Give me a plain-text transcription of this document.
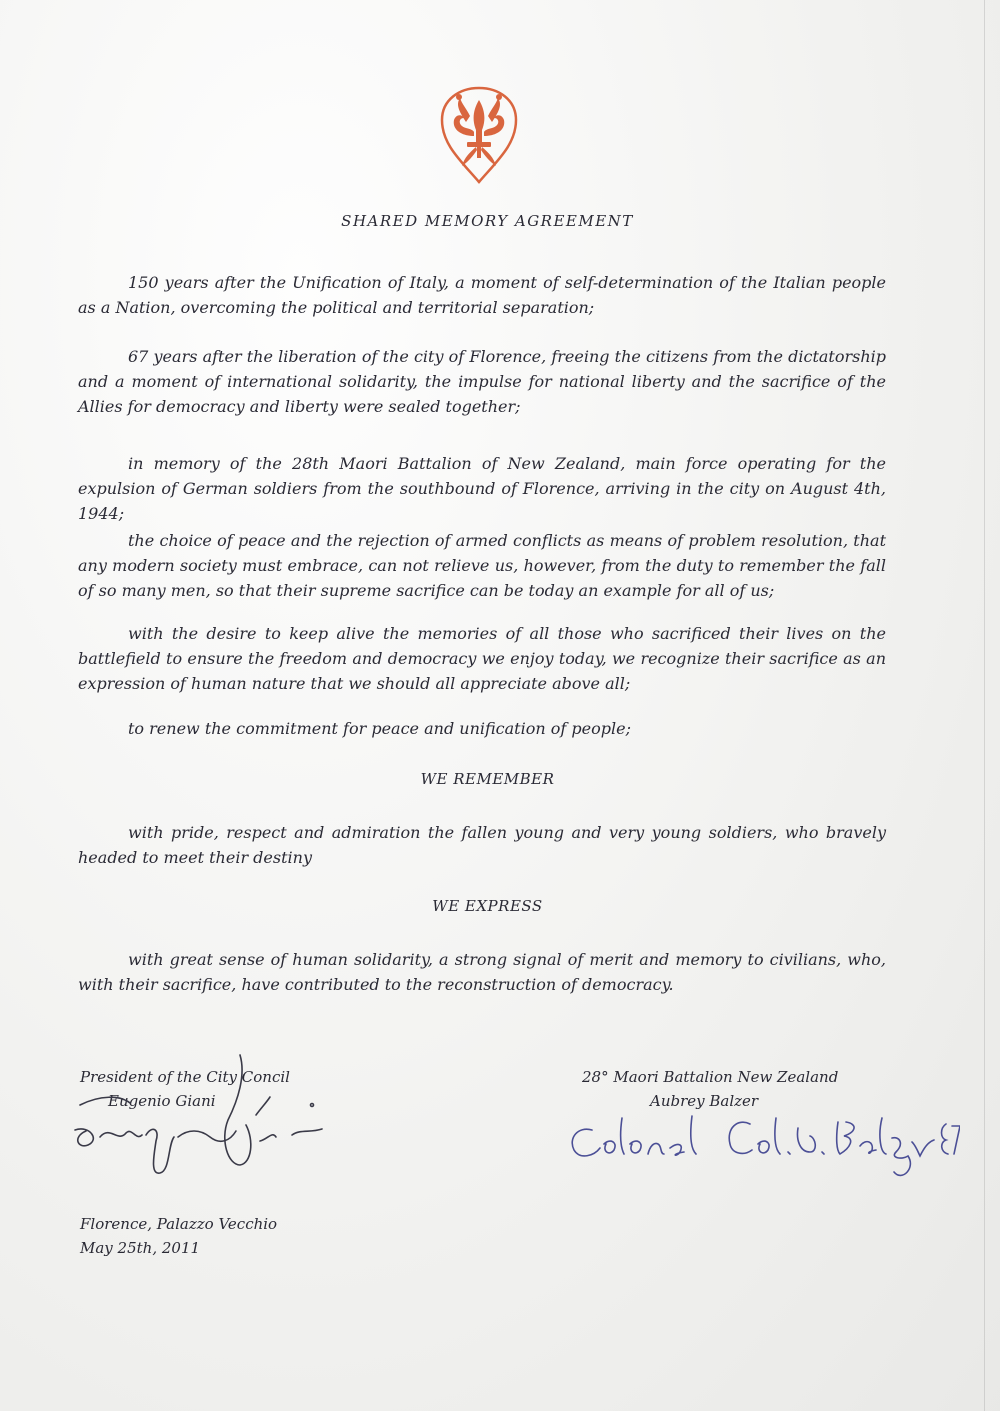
SHARED MEMORY AGREEMENT

150 years after the Unification of Italy, a moment of self-determination of the Italian people as a Nation, overcoming the political and territorial separation;

67 years after the liberation of the city of Florence, freeing the citizens from the dictatorship and a moment of international solidarity, the impulse for national liberty and the sacrifice of the Allies for democracy and liberty were sealed together;

in memory of the 28th Maori Battalion of New Zealand, main force operating for the expulsion of German soldiers from the southbound of Florence, arriving in the city on August 4th, 1944;

the choice of peace and the rejection of armed conflicts as means of problem resolution, that any modern society must embrace, can not relieve us, however, from the duty to remember the fall of so many men, so that their supreme sacrifice can be today an example for all of us;

with the desire to keep alive the memories of all those who sacrificed their lives on the battlefield to ensure the freedom and democracy we enjoy today, we recognize their sacrifice as an expression of human nature that we should all appreciate above all;

to renew the commitment for peace and unification of people;

WE REMEMBER

with pride, respect and admiration the fallen young and very young soldiers, who bravely headed to meet their destiny

WE EXPRESS

with great sense of human solidarity, a strong signal of merit and memory to civilians, who, with their sacrifice, have contributed to the reconstruction of democracy.

President of the City Concil
Eugenio Giani
28° Maori Battalion New Zealand
Aubrey Balzer
Florence, Palazzo Vecchio
May 25th, 2011
